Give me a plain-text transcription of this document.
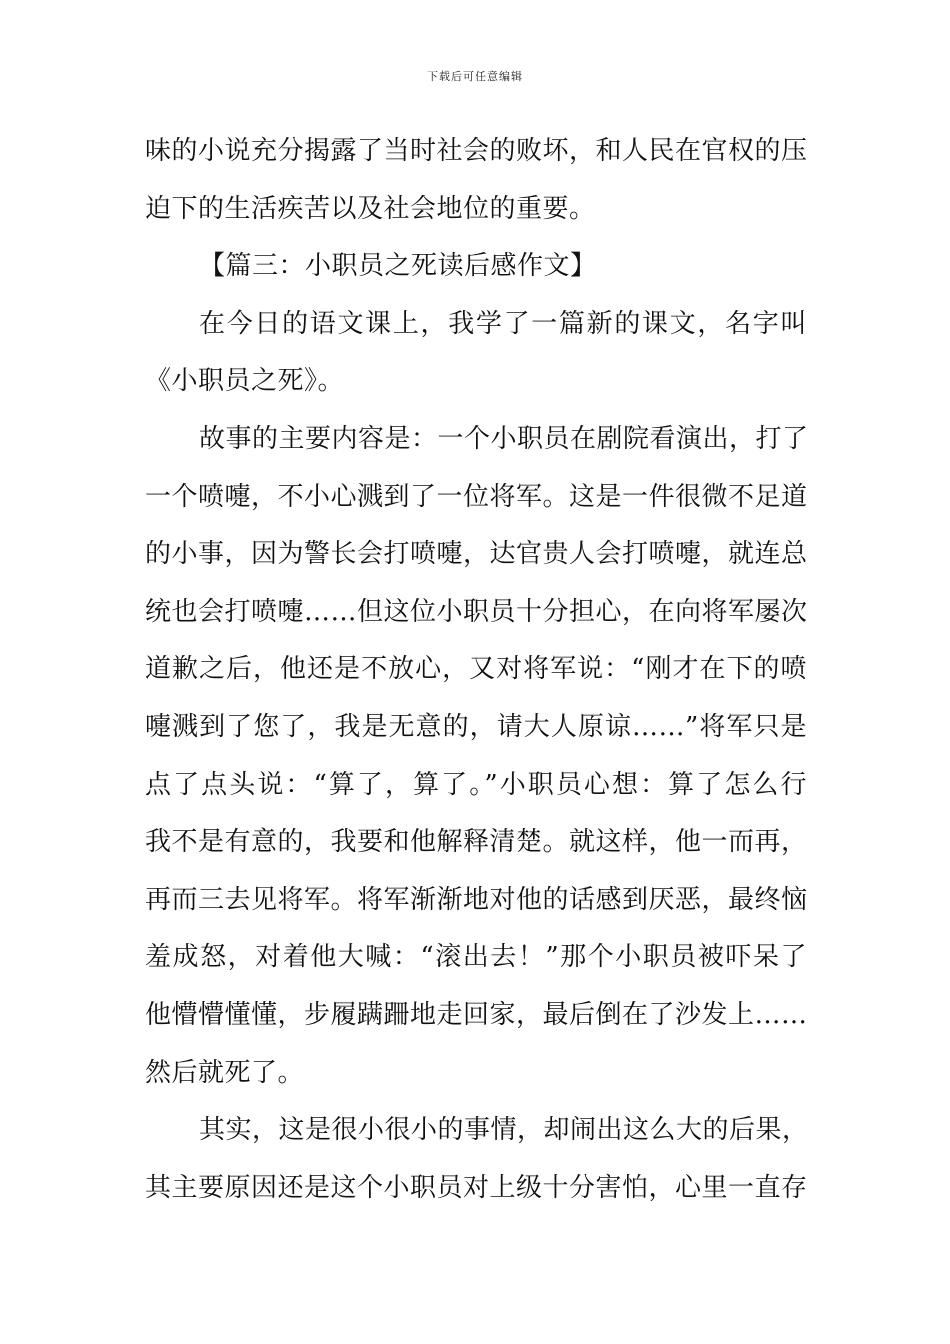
下载后可任意编辑
味的小说充分揭露了当时社会的败坏，和人民在官权的压
迫下的生活疾苦以及社会地位的重要。
【篇三：小职员之死读后感作文】
在今日的语文课上，我学了一篇新的课文，名字叫
《小职员之死》。
故事的主要内容是：一个小职员在剧院看演出，打了
一个喷嚏，不小心溅到了一位将军。这是一件很微不足道
的小事，因为警长会打喷嚏，达官贵人会打喷嚏，就连总
统也会打喷嚏……但这位小职员十分担心，在向将军屡次
道歉之后，他还是不放心，又对将军说：“刚才在下的喷
嚏溅到了您了，我是无意的，请大人原谅……”将军只是
点了点头说：“算了，算了。”小职员心想：算了怎么行
我不是有意的，我要和他解释清楚。就这样，他一而再，
再而三去见将军。将军渐渐地对他的话感到厌恶，最终恼
羞成怒，对着他大喊：“滚出去！”那个小职员被吓呆了
他懵懵懂懂，步履蹒跚地走回家，最后倒在了沙发上……
然后就死了。
其实，这是很小很小的事情，却闹出这么大的后果，
其主要原因还是这个小职员对上级十分害怕，心里一直存
